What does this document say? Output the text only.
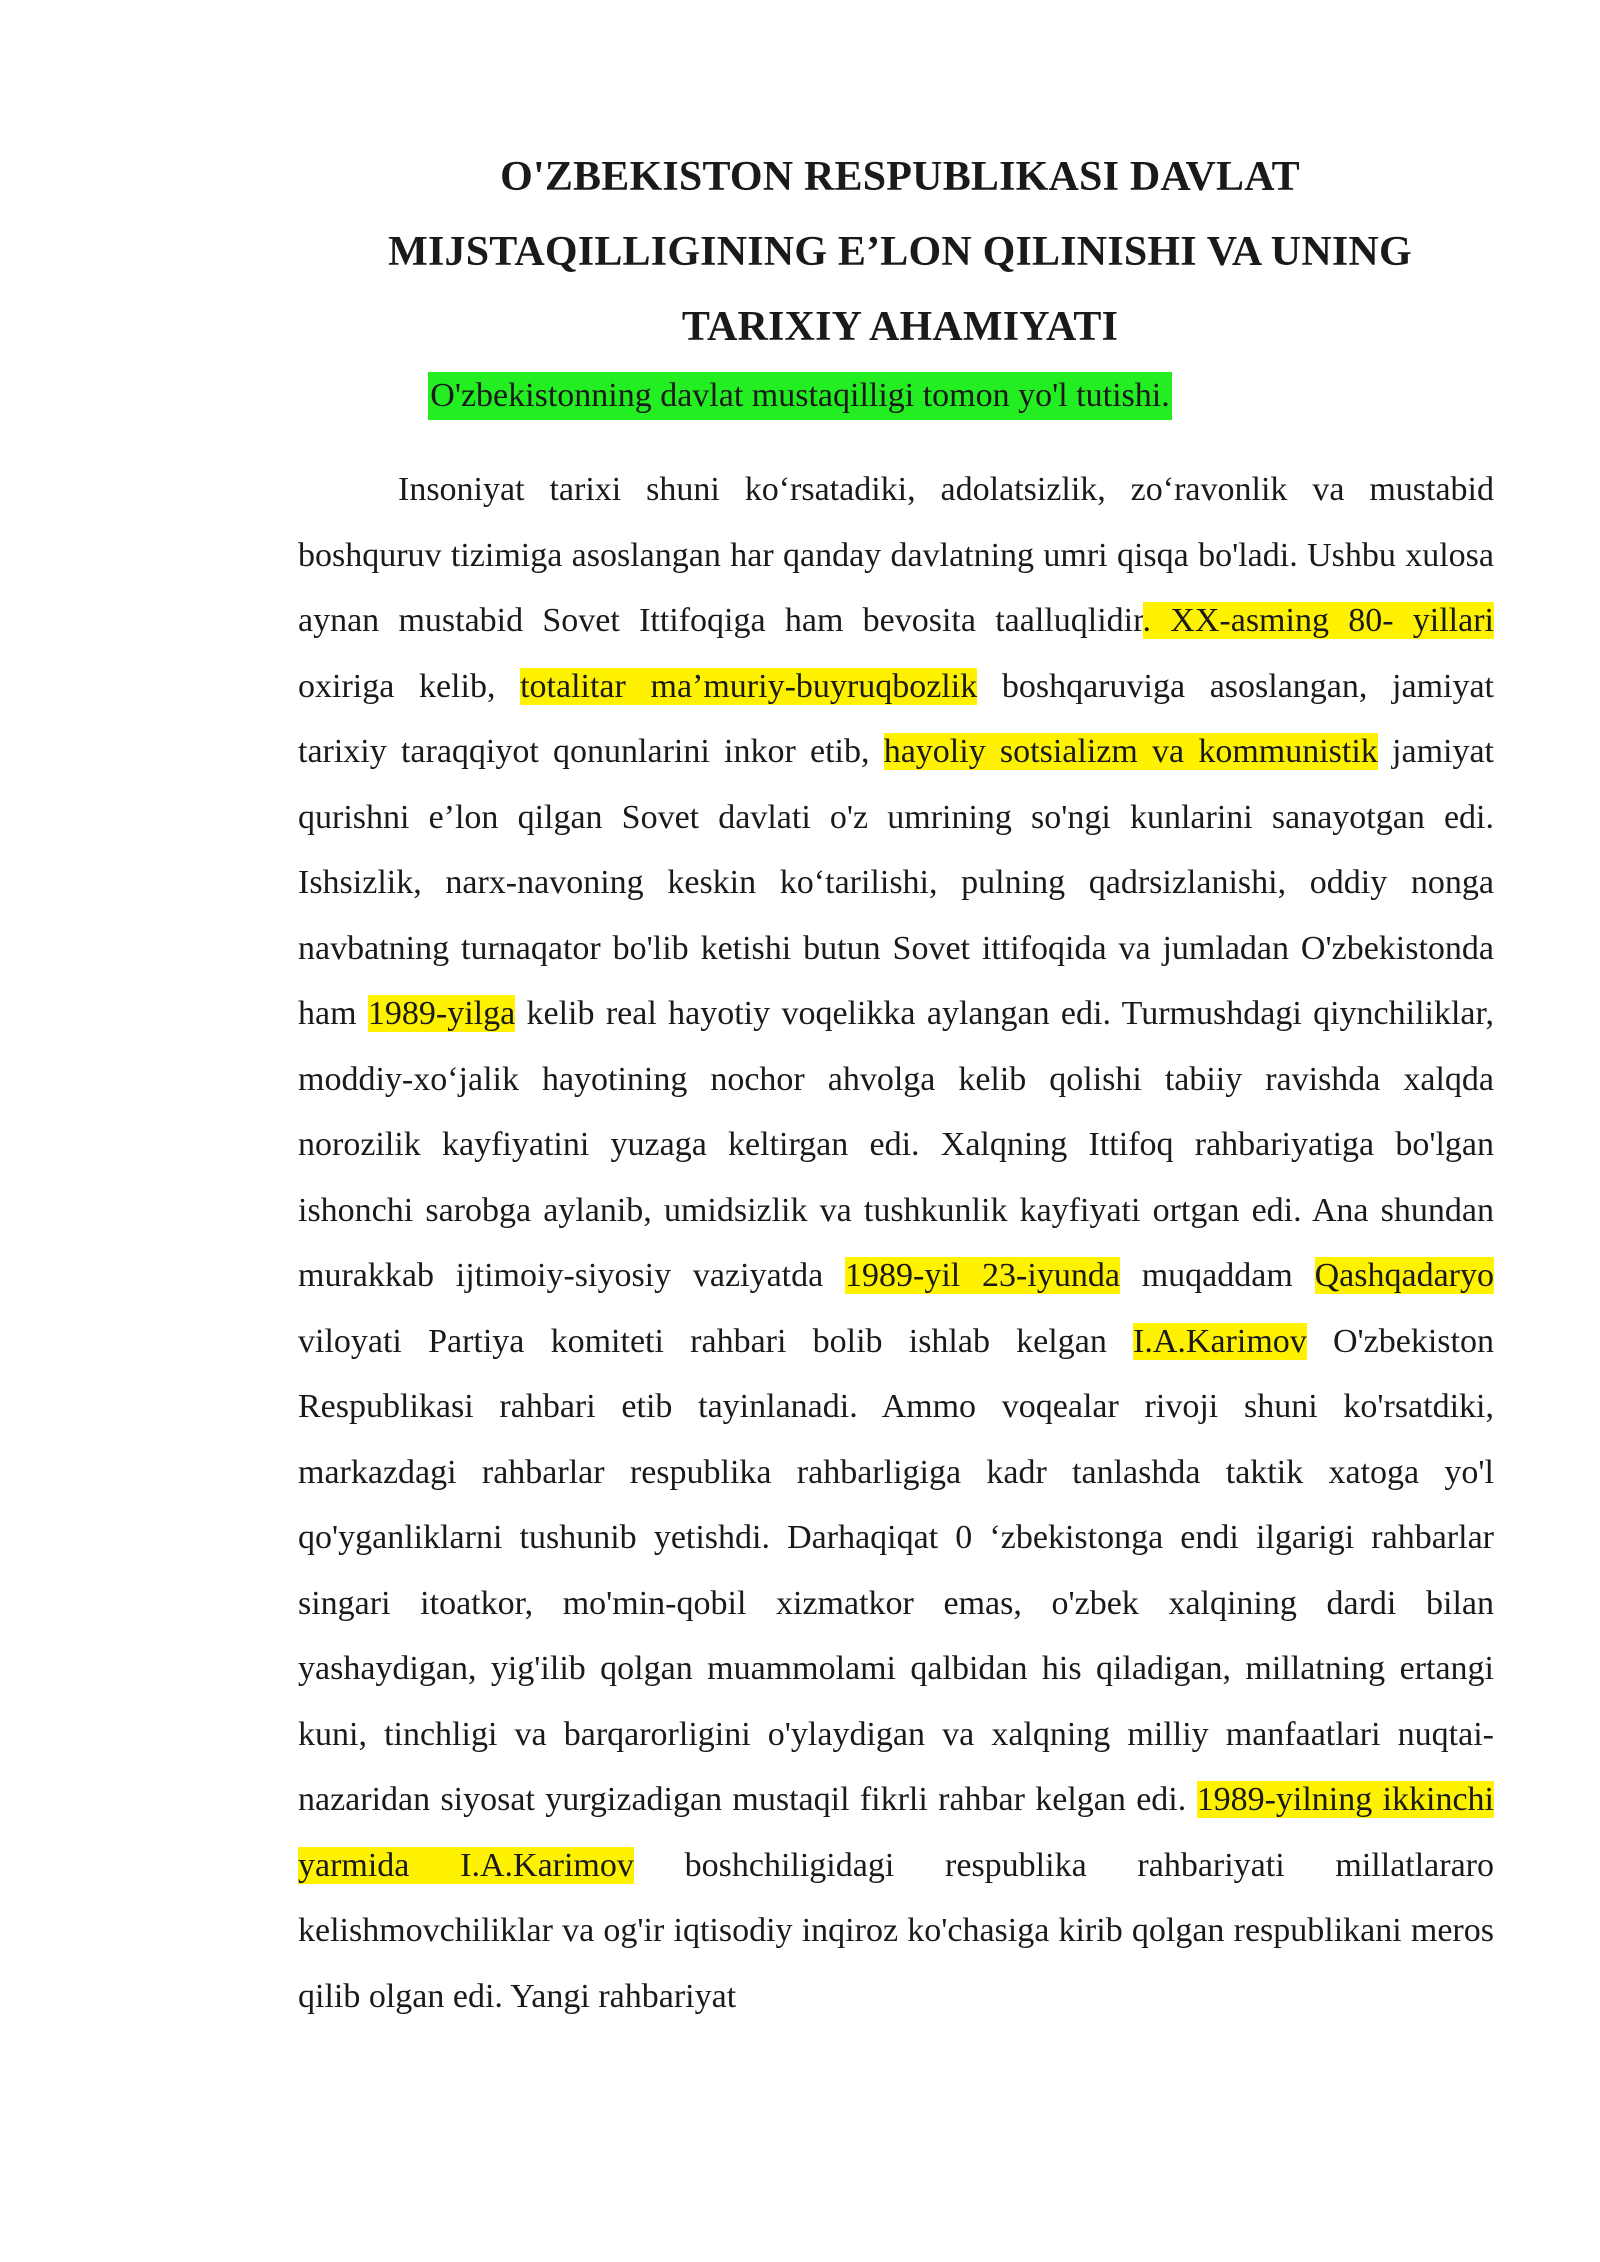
O'ZBEKISTON RESPUBLIKASI DAVLAT
MIJSTAQILLIGINING E’LON QILINISHI VA UNING
TARIXIY AHAMIYATI
O'zbekistonning davlat mustaqilligi tomon yo'l tutishi.

Insoniyat tarixi shuni ko‘rsatadiki, adolatsizlik, zo‘ravonlik va mustabid boshquruv tizimiga asoslangan har qanday davlatning umri qisqa bo'ladi. Ushbu xulosa aynan mustabid Sovet Ittifoqiga ham bevosita taalluqlidir. XX-asming 80- yillari oxiriga kelib, totalitar ma’muriy-buyruqbozlik boshqaruviga asoslangan, jamiyat tarixiy taraqqiyot qonunlarini inkor etib, hayoliy sotsializm va kommunistik jamiyat qurishni e’lon qilgan Sovet davlati o'z umrining so'ngi kunlarini sanayotgan edi. Ishsizlik, narx-navoning keskin ko‘tarilishi, pulning qadrsizlanishi, oddiy nonga navbatning turnaqator bo'lib ketishi butun Sovet ittifoqida va jumladan O'zbekistonda ham 1989-yilga kelib real hayotiy voqelikka aylangan edi. Turmushdagi qiynchiliklar, moddiy-xo‘jalik hayotining nochor ahvolga kelib qolishi tabiiy ravishda xalqda norozilik kayfiyatini yuzaga keltirgan edi. Xalqning Ittifoq rahbariyatiga bo'lgan ishonchi sarobga aylanib, umidsizlik va tushkunlik kayfiyati ortgan edi. Ana shundan murakkab ijtimoiy-siyosiy vaziyatda 1989-yil 23-iyunda muqaddam Qashqadaryo viloyati Partiya komiteti rahbari bolib ishlab kelgan I.A.Karimov O'zbekiston Respublikasi rahbari etib tayinlanadi. Ammo voqealar rivoji shuni ko'rsatdiki, markazdagi rahbarlar respublika rahbarligiga kadr tanlashda taktik xatoga yo'l qo'yganliklarni tushunib yetishdi. Darhaqiqat 0 ‘zbekistonga endi ilgarigi rahbarlar singari itoatkor, mo'min-qobil xizmatkor emas, o'zbek xalqining dardi bilan yashaydigan, yig'ilib qolgan muammolami qalbidan his qiladigan, millatning ertangi kuni, tinchligi va barqarorligini o'ylaydigan va xalqning milliy manfaatlari nuqtai-nazaridan siyosat yurgizadigan mustaqil fikrli rahbar kelgan edi. 1989-yilning ikkinchi yarmida I.A.Karimov boshchiligidagi respublika rahbariyati millatlararo kelishmovchiliklar va og'ir iqtisodiy inqiroz ko'chasiga kirib qolgan respublikani meros qilib olgan edi. Yangi rahbariyat
